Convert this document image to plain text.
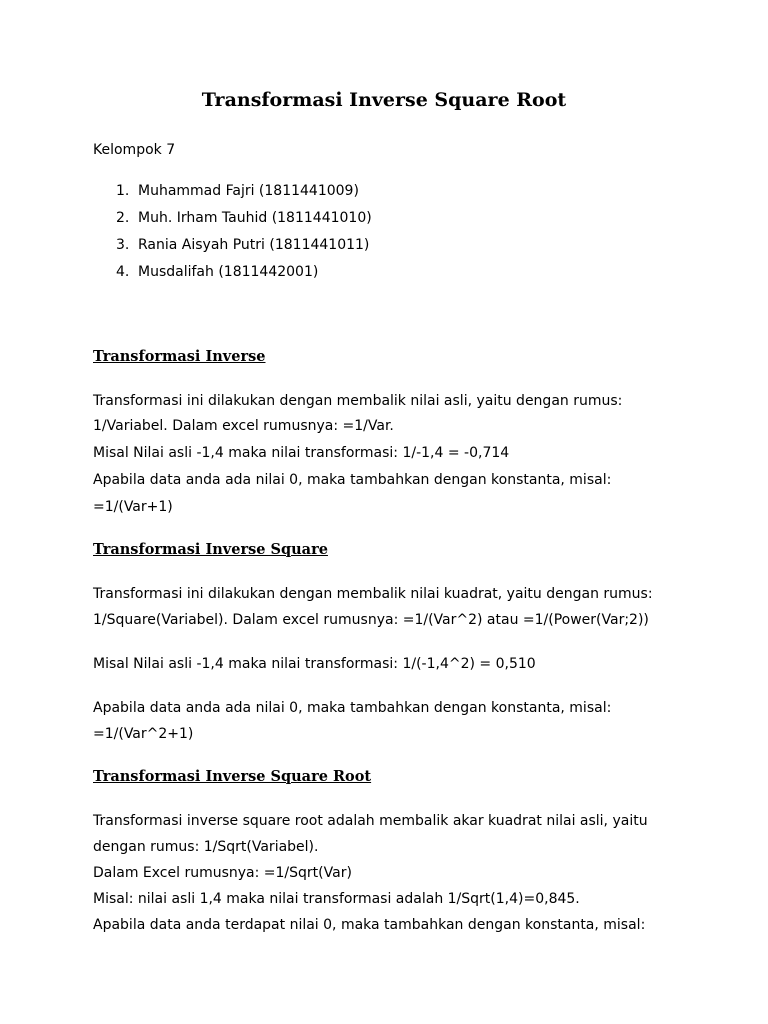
Transformasi Inverse Square Root

Kelompok 7

1. Muhammad Fajri (1811441009)
2. Muh. Irham Tauhid (1811441010)
3. Rania Aisyah Putri (1811441011)
4. Musdalifah (1811442001)
Transformasi Inverse

Transformasi ini dilakukan dengan membalik nilai asli, yaitu dengan rumus:

1/Variabel. Dalam excel rumusnya: =1/Var.

Misal Nilai asli -1,4 maka nilai transformasi: 1/-1,4 = -0,714

Apabila data anda ada nilai 0, maka tambahkan dengan konstanta, misal:

=1/(Var+1)

Transformasi Inverse Square

Transformasi ini dilakukan dengan membalik nilai kuadrat, yaitu dengan rumus:

1/Square(Variabel). Dalam excel rumusnya: =1/(Var^2) atau =1/(Power(Var;2))

Misal Nilai asli -1,4 maka nilai transformasi: 1/(-1,4^2) = 0,510

Apabila data anda ada nilai 0, maka tambahkan dengan konstanta, misal:

=1/(Var^2+1)

Transformasi Inverse Square Root

Transformasi inverse square root adalah membalik akar kuadrat nilai asli, yaitu

dengan rumus: 1/Sqrt(Variabel).

Dalam Excel rumusnya: =1/Sqrt(Var)

Misal: nilai asli 1,4 maka nilai transformasi adalah 1/Sqrt(1,4)=0,845.

Apabila data anda terdapat nilai 0, maka tambahkan dengan konstanta, misal:
